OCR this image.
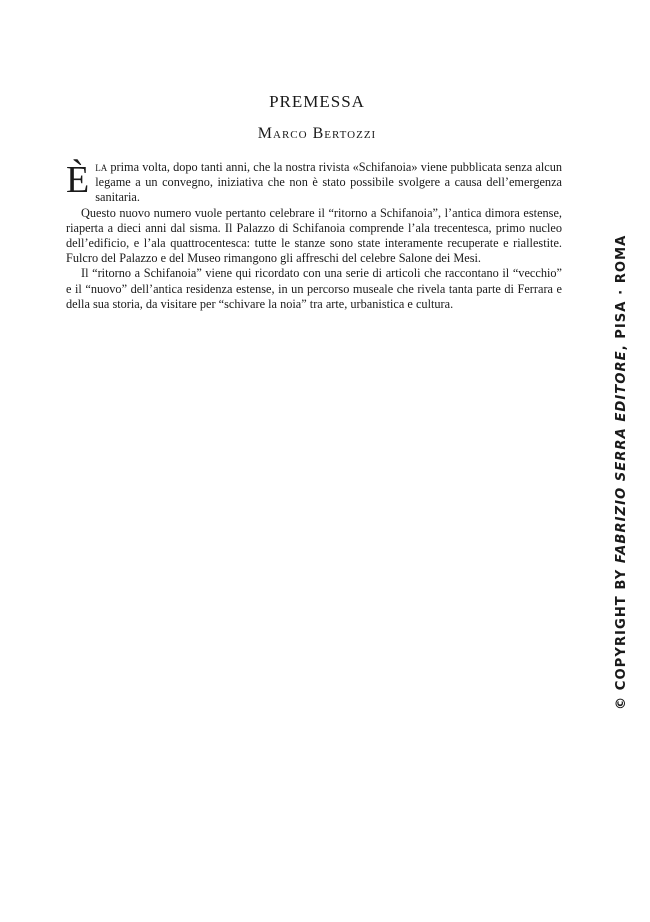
PREMESSA
Marco Bertozzi

Èla prima volta, dopo tanti anni, che la nostra rivista «Schifanoia» viene pubblicata senza alcun legame a un convegno, iniziativa che non è stato possibile svolgere a causa dell’emergenza sanitaria.

Questo nuovo numero vuole pertanto celebrare il “ritorno a Schifanoia”, l’antica dimora estense, riaperta a dieci anni dal sisma. Il Palazzo di Schifanoia comprende l’ala trecentesca, primo nucleo dell’edificio, e l’ala quattrocentesca: tutte le stanze sono state interamente recuperate e riallestite. Fulcro del Palazzo e del Museo rimangono gli affreschi del celebre Salone dei Mesi.

Il “ritorno a Schifanoia” viene qui ricordato con una serie di articoli che raccontano il “vecchio” e il “nuovo” dell’antica residenza estense, in un percorso museale che rivela tanta parte di Ferrara e della sua storia, da visitare per “schivare la noia” tra arte, urbanistica e cultura.

© COPYRIGHT BY FABRIZIO SERRA EDITORE, PISA · ROMA
